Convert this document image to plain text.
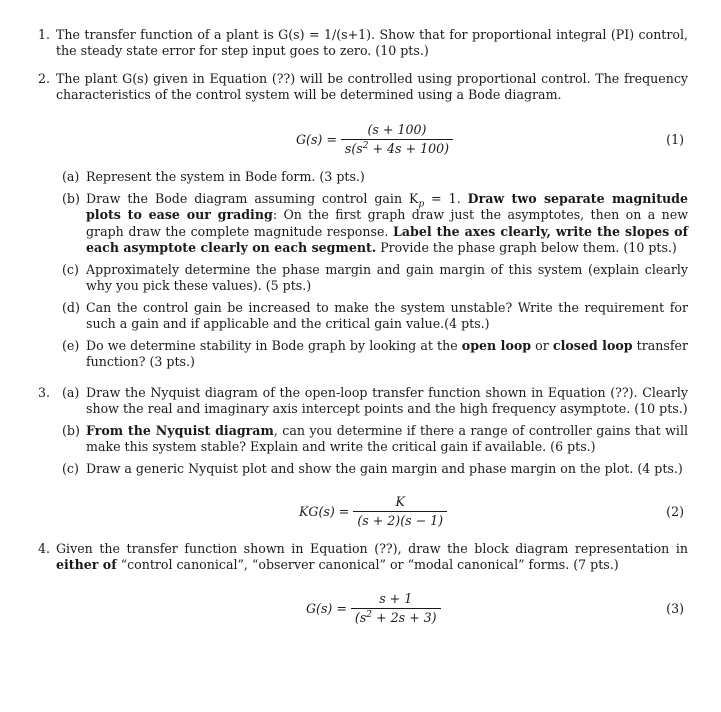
1. The transfer function of a plant is G(s) = 1/(s+1). Show that for proportional integral (PI) control, the steady state error for step input goes to zero. (10 pts.)
2. The plant G(s) given in Equation (??) will be controlled using proportional control. The frequency characteristics of the control system will be determined using a Bode diagram.
$G(s) = \frac{(s + 100)}{s(s^2 + 4s + 100)}$	(1)
(a) Represent the system in Bode form. (3 pts.)
(b) Draw the Bode diagram assuming control gain $K_p = 1$. Draw two separate magnitude plots to ease our grading: On the first graph draw just the asymptotes, then on a new graph draw the complete magnitude response. Label the axes clearly, write the slopes of each asymptote clearly on each segment. Provide the phase graph below them. (10 pts.)
(c) Approximately determine the phase margin and gain margin of this system (explain clearly why you pick these values). (5 pts.)
(d) Can the control gain be increased to make the system unstable? Write the requirement for such a gain and if applicable and the critical gain value.(4 pts.)
(e) Do we determine stability in Bode graph by looking at the open loop or closed loop transfer function? (3 pts.)
3. (a) Draw the Nyquist diagram of the open-loop transfer function shown in Equation (??). Clearly show the real and imaginary axis intercept points and the high frequency asymptote. (10 pts.)
(b) From the Nyquist diagram, can you determine if there a range of controller gains that will make this system stable? Explain and write the critical gain if available. (6 pts.)
(c) Draw a generic Nyquist plot and show the gain margin and phase margin on the plot. (4 pts.)
$KG(s) = \frac{K}{(s + 2)(s - 1)}$	(2)
4. Given the transfer function shown in Equation (??), draw the block diagram representation in either of “control canonical”, “observer canonical” or “modal canonical” forms. (7 pts.)
$G(s) = \frac{s + 1}{(s^2 + 2s + 3)}$	(3)
